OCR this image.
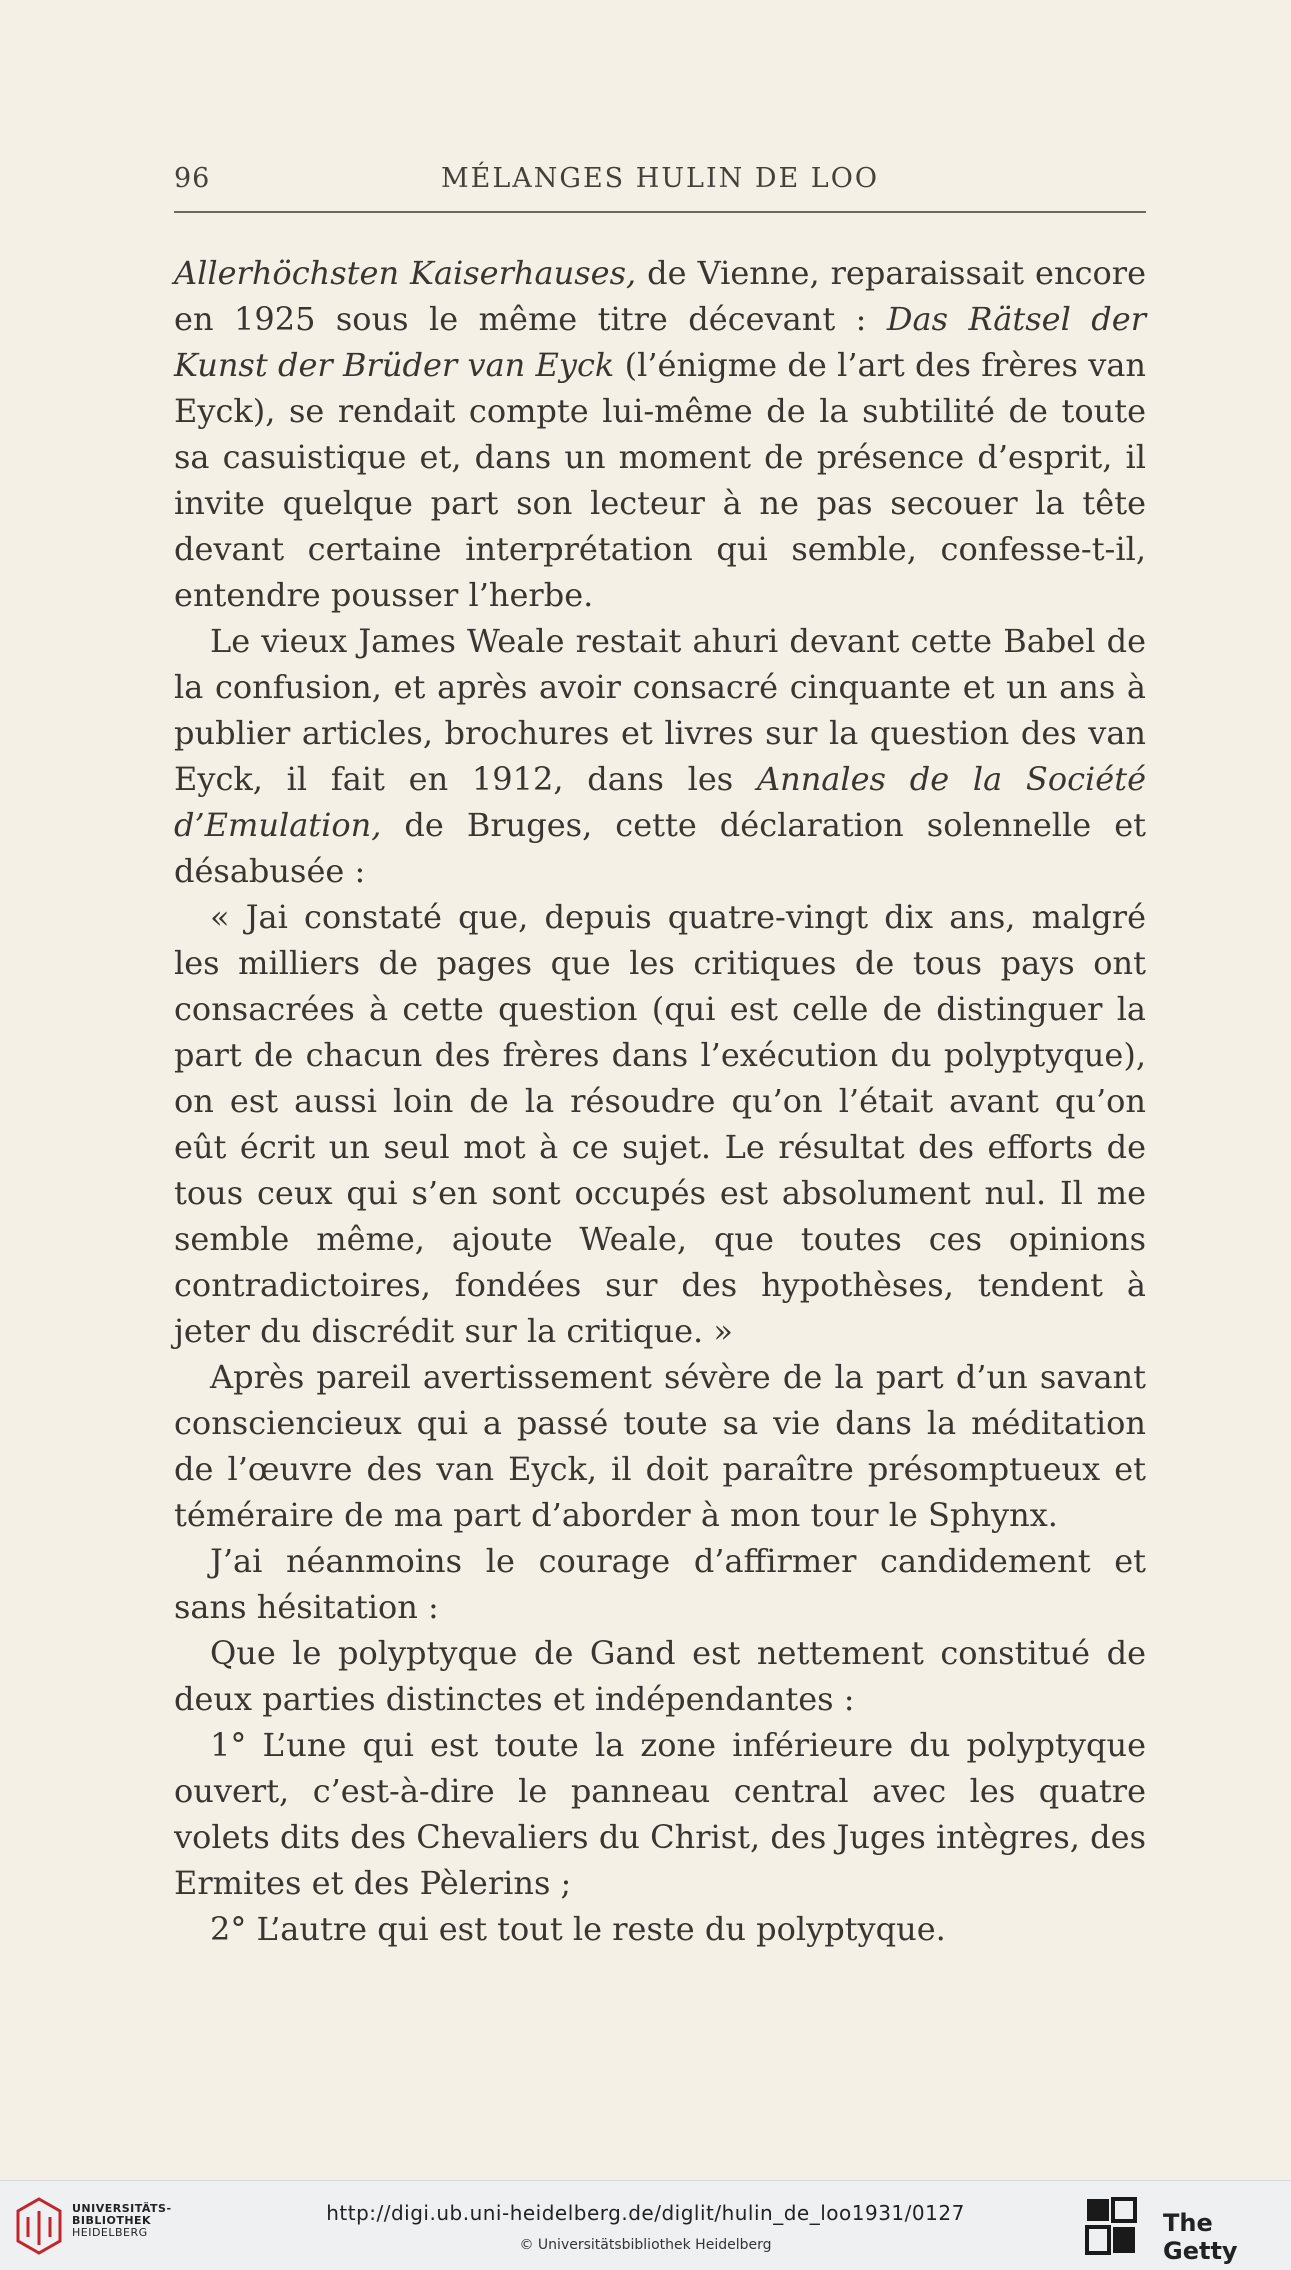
96	MÉLANGES HULIN DE LOO

Allerhöchsten Kaiserhauses, de Vienne, reparaissait encore en 1925 sous le même titre décevant : Das Rätsel der Kunst der Brüder van Eyck (l’énigme de l’art des frères van Eyck), se rendait compte lui-même de la subtilité de toute sa casuistique et, dans un moment de présence d’esprit, il invite quelque part son lecteur à ne pas secouer la tête devant certaine interprétation qui semble, confesse-t-il, entendre pousser l’herbe.

Le vieux James Weale restait ahuri devant cette Babel de la confusion, et après avoir consacré cinquante et un ans à publier articles, brochures et livres sur la question des van Eyck, il fait en 1912, dans les Annales de la Société d’Emulation, de Bruges, cette déclaration solennelle et désabusée :

« Jai constaté que, depuis quatre-vingt dix ans, malgré les milliers de pages que les critiques de tous pays ont consacrées à cette question (qui est celle de distinguer la part de chacun des frères dans l’exécution du polyptyque), on est aussi loin de la résoudre qu’on l’était avant qu’on eût écrit un seul mot à ce sujet. Le résultat des efforts de tous ceux qui s’en sont occupés est absolument nul. Il me semble même, ajoute Weale, que toutes ces opinions contradictoires, fondées sur des hypothèses, tendent à jeter du discrédit sur la critique. »

Après pareil avertissement sévère de la part d’un savant consciencieux qui a passé toute sa vie dans la méditation de l’œuvre des van Eyck, il doit paraître présomptueux et téméraire de ma part d’aborder à mon tour le Sphynx.

J’ai néanmoins le courage d’affirmer candidement et sans hésitation :

Que le polyptyque de Gand est nettement constitué de deux parties distinctes et indépendantes :

1° L’une qui est toute la zone inférieure du polyptyque ouvert, c’est-à-dire le panneau central avec les quatre volets dits des Chevaliers du Christ, des Juges intègres, des Ermites et des Pèlerins ;

2° L’autre qui est tout le reste du polyptyque.

UNIVERSITÄTS-
BIBLIOTHEK
HEIDELBERG
http://digi.ub.uni-heidelberg.de/diglit/hulin_de_loo1931/0127
© Universitätsbibliothek Heidelberg
The Getty
